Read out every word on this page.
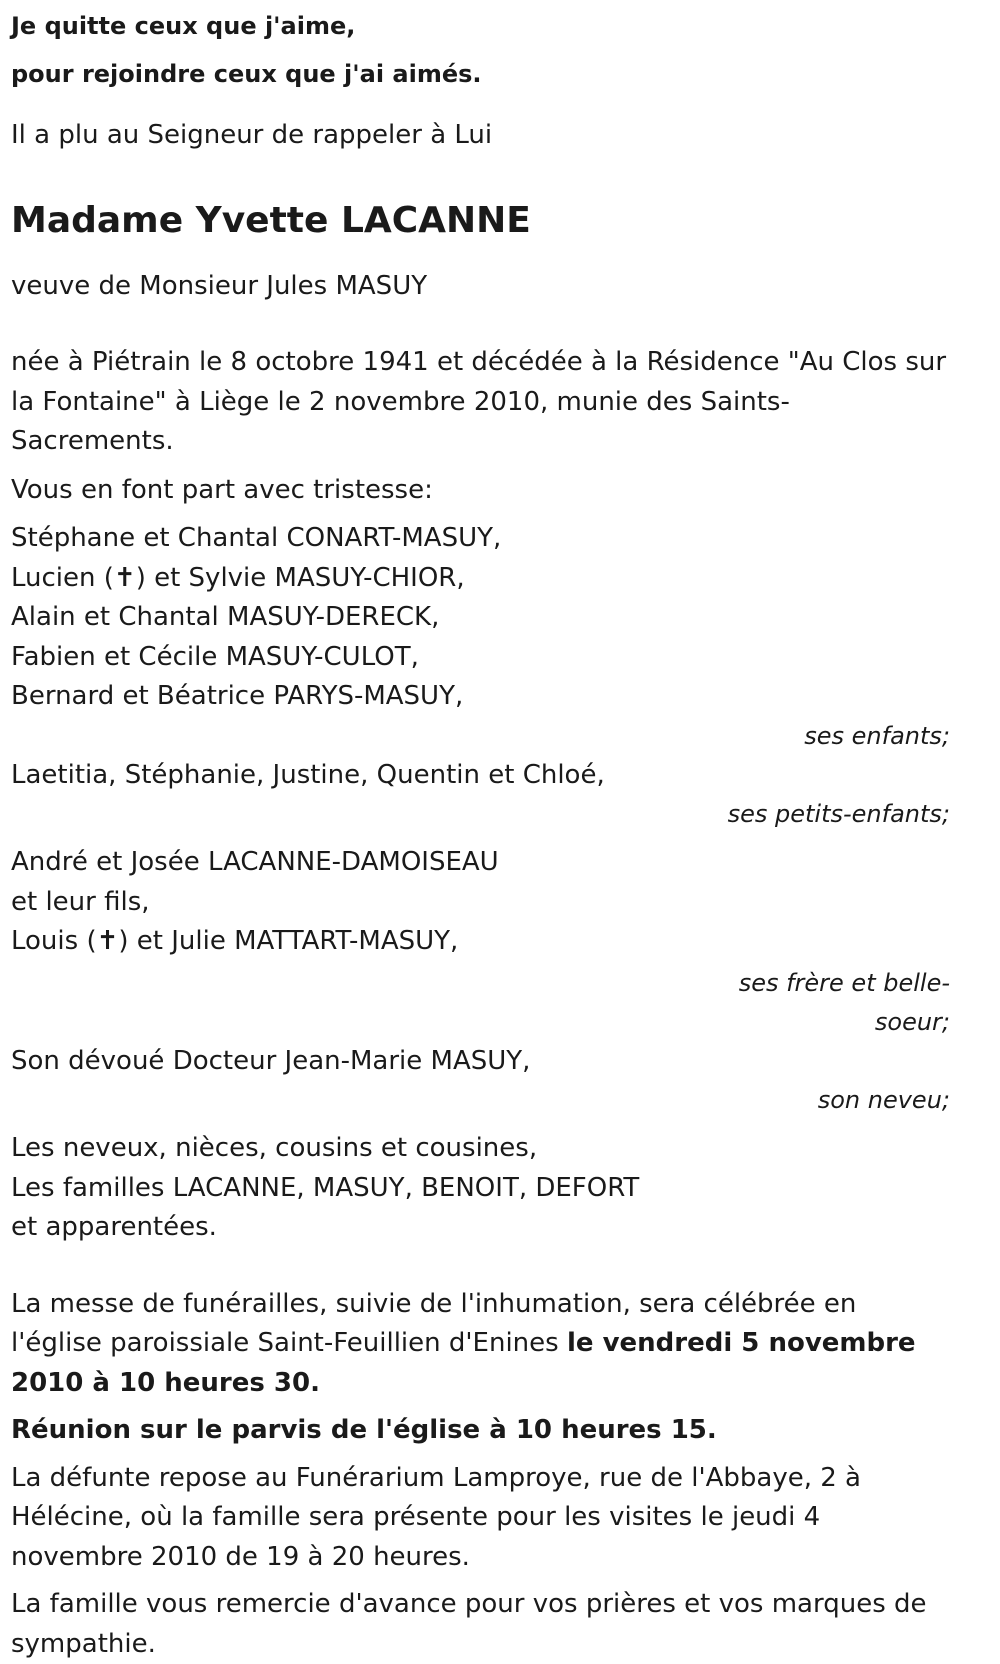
Je quitte ceux que j'aime,
pour rejoindre ceux que j'ai aimés.
Il a plu au Seigneur de rappeler à Lui
Madame Yvette LACANNE
veuve de Monsieur Jules MASUY
née à Piétrain le 8 octobre 1941 et décédée à la Résidence "Au Clos sur la Fontaine" à Liège le 2 novembre 2010, munie des Saints-Sacrements.
Vous en font part avec tristesse:
Stéphane et Chantal CONART-MASUY,
Lucien (✝) et Sylvie MASUY-CHIOR,
Alain et Chantal MASUY-DERECK,
Fabien et Cécile MASUY-CULOT,
Bernard et Béatrice PARYS-MASUY,
ses enfants;
Laetitia, Stéphanie, Justine, Quentin et Chloé,
ses petits-enfants;
André et Josée LACANNE-DAMOISEAU
et leur fils,
Louis (✝) et Julie MATTART-MASUY,
ses frère et belle-
soeur;
Son dévoué Docteur Jean-Marie MASUY,
son neveu;
Les neveux, nièces, cousins et cousines,
Les familles LACANNE, MASUY, BENOIT, DEFORT
et apparentées.
La messe de funérailles, suivie de l'inhumation, sera célébrée en l'église paroissiale Saint-Feuillien d'Enines le vendredi 5 novembre 2010 à 10 heures 30.
Réunion sur le parvis de l'église à 10 heures 15.
La défunte repose au Funérarium Lamproye, rue de l'Abbaye, 2 à Hélécine, où la famille sera présente pour les visites le jeudi 4 novembre 2010 de 19 à 20 heures.
La famille vous remercie d'avance pour vos prières et vos marques de sympathie.
